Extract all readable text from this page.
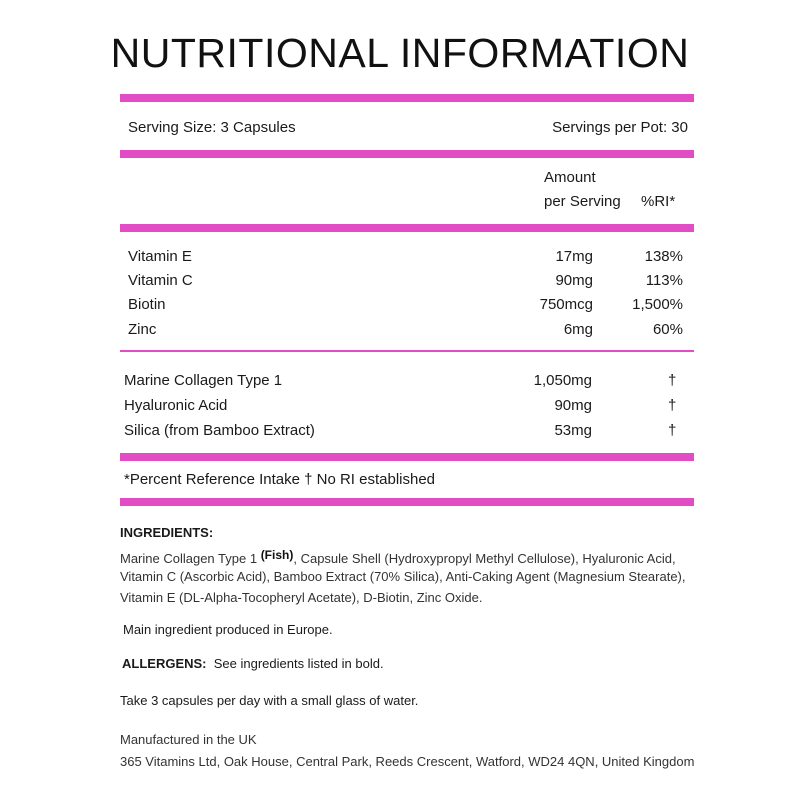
NUTRITIONAL INFORMATION
Serving Size: 3 Capsules	Servings per Pot: 30
Amount
per Serving %RI*
Vitamin E	17mg	138%
Vitamin C	90mg	113%
Biotin	750mcg	1,500%
Zinc	6mg	60%
Marine Collagen Type 1	1,050mg	†
Hyaluronic Acid	90mg	†
Silica (from Bamboo Extract)	53mg	†
*Percent Reference Intake † No RI established
INGREDIENTS:
Marine Collagen Type 1 $^{(Fish)}$, Capsule Shell (Hydroxypropyl Methyl Cellulose), Hyaluronic Acid,
Vitamin C (Ascorbic Acid), Bamboo Extract (70% Silica), Anti-Caking Agent (Magnesium Stearate),
Vitamin E (DL-Alpha-Tocopheryl Acetate), D-Biotin, Zinc Oxide.
Main ingredient produced in Europe.
ALLERGENS: See ingredients listed in bold.
Take 3 capsules per day with a small glass of water.
Manufactured in the UK
365 Vitamins Ltd, Oak House, Central Park, Reeds Crescent, Watford, WD24 4QN, United Kingdom
